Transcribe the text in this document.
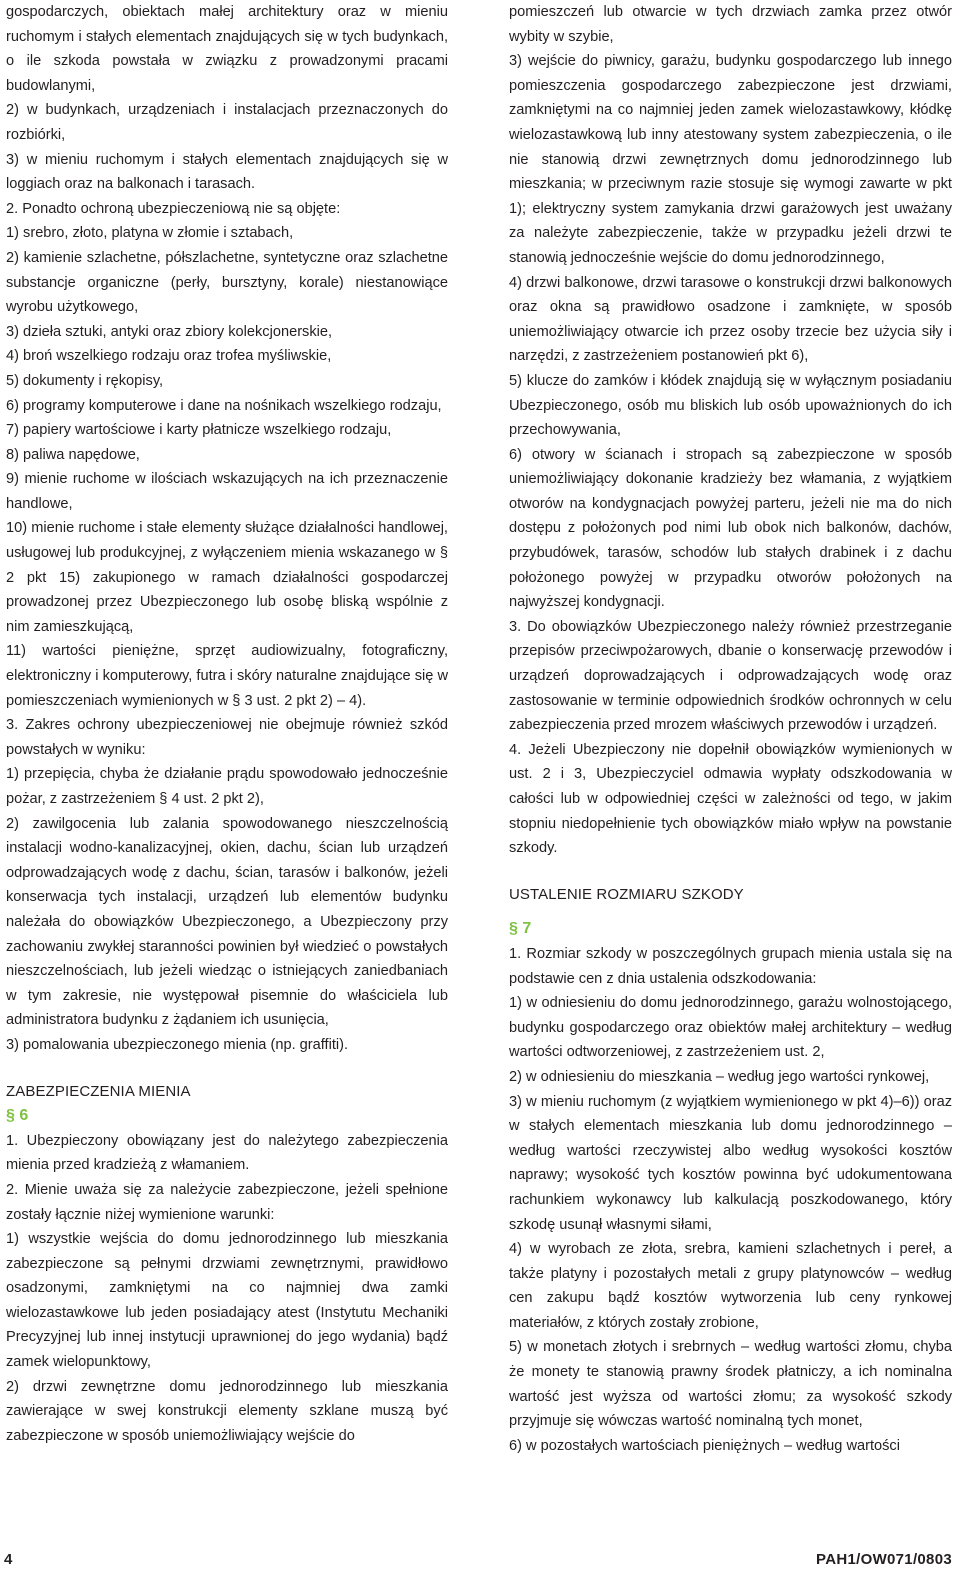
gospodarczych, obiektach małej architektury oraz w mieniu ruchomym i stałych elementach znajdujących się w tych budynkach, o ile szkoda powstała w związku z prowadzonymi pracami budowlanymi,

2) w budynkach, urządzeniach i instalacjach przeznaczonych do rozbiórki,

3) w mieniu ruchomym i stałych elementach znajdujących się w loggiach oraz na balkonach i tarasach.

2. Ponadto ochroną ubezpieczeniową nie są objęte:

1) srebro, złoto, platyna w złomie i sztabach,

2) kamienie szlachetne, półszlachetne, syntetyczne oraz szlachetne substancje organiczne (perły, bursztyny, korale) niestanowiące wyrobu użytkowego,

3) dzieła sztuki, antyki oraz zbiory kolekcjonerskie,

4) broń wszelkiego rodzaju oraz trofea myśliwskie,

5) dokumenty i rękopisy,

6) programy komputerowe i dane na nośnikach wszelkiego rodzaju,

7) papiery wartościowe i karty płatnicze wszelkiego rodzaju,

8) paliwa napędowe,

9) mienie ruchome w ilościach wskazujących na ich przeznaczenie handlowe,

10) mienie ruchome i stałe elementy służące działalności handlowej, usługowej lub produkcyjnej, z wyłączeniem mienia wskazanego w § 2 pkt 15) zakupionego w ramach działalności gospodarczej prowadzonej przez Ubezpieczonego lub osobę bliską wspólnie z nim zamieszkującą,

11) wartości pieniężne, sprzęt audiowizualny, fotograficzny, elektroniczny i komputerowy, futra i skóry naturalne znajdujące się w pomieszczeniach wymienionych w § 3 ust. 2 pkt 2) – 4).

3. Zakres ochrony ubezpieczeniowej nie obejmuje również szkód powstałych w wyniku:

1) przepięcia, chyba że działanie prądu spowodowało jednocześnie pożar, z zastrzeżeniem § 4 ust. 2 pkt 2),

2) zawilgocenia lub zalania spowodowanego nieszczelnością instalacji wodno-kanalizacyjnej, okien, dachu, ścian lub urządzeń odprowadzających wodę z dachu, ścian, tarasów i balkonów, jeżeli konserwacja tych instalacji, urządzeń lub elementów budynku należała do obowiązków Ubezpieczonego, a Ubezpieczony przy zachowaniu zwykłej staranności powinien był wiedzieć o powstałych nieszczelnościach, lub jeżeli wiedząc o istniejących zaniedbaniach w tym zakresie, nie występował pisemnie do właściciela lub administratora budynku z żądaniem ich usunięcia,

3) pomalowania ubezpieczonego mienia (np. graffiti).

ZABEZPIECZENIA MIENIA

§ 6

1. Ubezpieczony obowiązany jest do należytego zabezpieczenia mienia przed kradzieżą z włamaniem.

2. Mienie uważa się za należycie zabezpieczone, jeżeli spełnione zostały łącznie niżej wymienione warunki:

1) wszystkie wejścia do domu jednorodzinnego lub mieszkania zabezpieczone są pełnymi drzwiami zewnętrznymi, prawidłowo osadzonymi, zamkniętymi na co najmniej dwa zamki wielozastawkowe lub jeden posiadający atest (Instytutu Mechaniki Precyzyjnej lub innej instytucji uprawnionej do jego wydania) bądź zamek wielopunktowy,

2) drzwi zewnętrzne domu jednorodzinnego lub mieszkania zawierające w swej konstrukcji elementy szklane muszą być zabezpieczone w sposób uniemożliwiający wejście do

pomieszczeń lub otwarcie w tych drzwiach zamka przez otwór wybity w szybie,

3) wejście do piwnicy, garażu, budynku gospodarczego lub innego pomieszczenia gospodarczego zabezpieczone jest drzwiami, zamkniętymi na co najmniej jeden zamek wielozastawkowy, kłódkę wielozastawkową lub inny atestowany system zabezpieczenia, o ile nie stanowią drzwi zewnętrznych domu jednorodzinnego lub mieszkania; w przeciwnym razie stosuje się wymogi zawarte w pkt 1); elektryczny system zamykania drzwi garażowych jest uważany za należyte zabezpieczenie, także w przypadku jeżeli drzwi te stanowią jednocześnie wejście do domu jednorodzinnego,

4) drzwi balkonowe, drzwi tarasowe o konstrukcji drzwi balkonowych oraz okna są prawidłowo osadzone i zamknięte, w sposób uniemożliwiający otwarcie ich przez osoby trzecie bez użycia siły i narzędzi, z zastrzeżeniem postanowień pkt 6),

5) klucze do zamków i kłódek znajdują się w wyłącznym posiadaniu Ubezpieczonego, osób mu bliskich lub osób upoważnionych do ich przechowywania,

6) otwory w ścianach i stropach są zabezpieczone w sposób uniemożliwiający dokonanie kradzieży bez włamania, z wyjątkiem otworów na kondygnacjach powyżej parteru, jeżeli nie ma do nich dostępu z położonych pod nimi lub obok nich balkonów, dachów, przybudówek, tarasów, schodów lub stałych drabinek i z dachu położonego powyżej w przypadku otworów położonych na najwyższej kondygnacji.

3. Do obowiązków Ubezpieczonego należy również przestrzeganie przepisów przeciwpożarowych, dbanie o konserwację przewodów i urządzeń doprowadzających i odprowadzających wodę oraz zastosowanie w terminie odpowiednich środków ochronnych w celu zabezpieczenia przed mrozem właściwych przewodów i urządzeń.

4. Jeżeli Ubezpieczony nie dopełnił obowiązków wymienionych w ust. 2 i 3, Ubezpieczyciel odmawia wypłaty odszkodowania w całości lub w odpowiedniej części w zależności od tego, w jakim stopniu niedopełnienie tych obowiązków miało wpływ na powstanie szkody.

USTALENIE ROZMIARU SZKODY

§ 7

1. Rozmiar szkody w poszczególnych grupach mienia ustala się na podstawie cen z dnia ustalenia odszkodowania:

1) w odniesieniu do domu jednorodzinnego, garażu wolnostojącego, budynku gospodarczego oraz obiektów małej architektury – według wartości odtworzeniowej, z zastrzeżeniem ust. 2,

2) w odniesieniu do mieszkania – według jego wartości rynkowej,

3) w mieniu ruchomym (z wyjątkiem wymienionego w pkt 4)–6)) oraz w stałych elementach mieszkania lub domu jednorodzinnego – według wartości rzeczywistej albo według wysokości kosztów naprawy; wysokość tych kosztów powinna być udokumentowana rachunkiem wykonawcy lub kalkulacją poszkodowanego, który szkodę usunął własnymi siłami,

4) w wyrobach ze złota, srebra, kamieni szlachetnych i pereł, a także platyny i pozostałych metali z grupy platynowców – według cen zakupu bądź kosztów wytworzenia lub ceny rynkowej materiałów, z których zostały zrobione,

5) w monetach złotych i srebrnych – według wartości złomu, chyba że monety te stanowią prawny środek płatniczy, a ich nominalna wartość jest wyższa od wartości złomu; za wysokość szkody przyjmuje się wówczas wartość nominalną tych monet,

6) w pozostałych wartościach pieniężnych – według wartości

4	PAH1/OW071/0803
